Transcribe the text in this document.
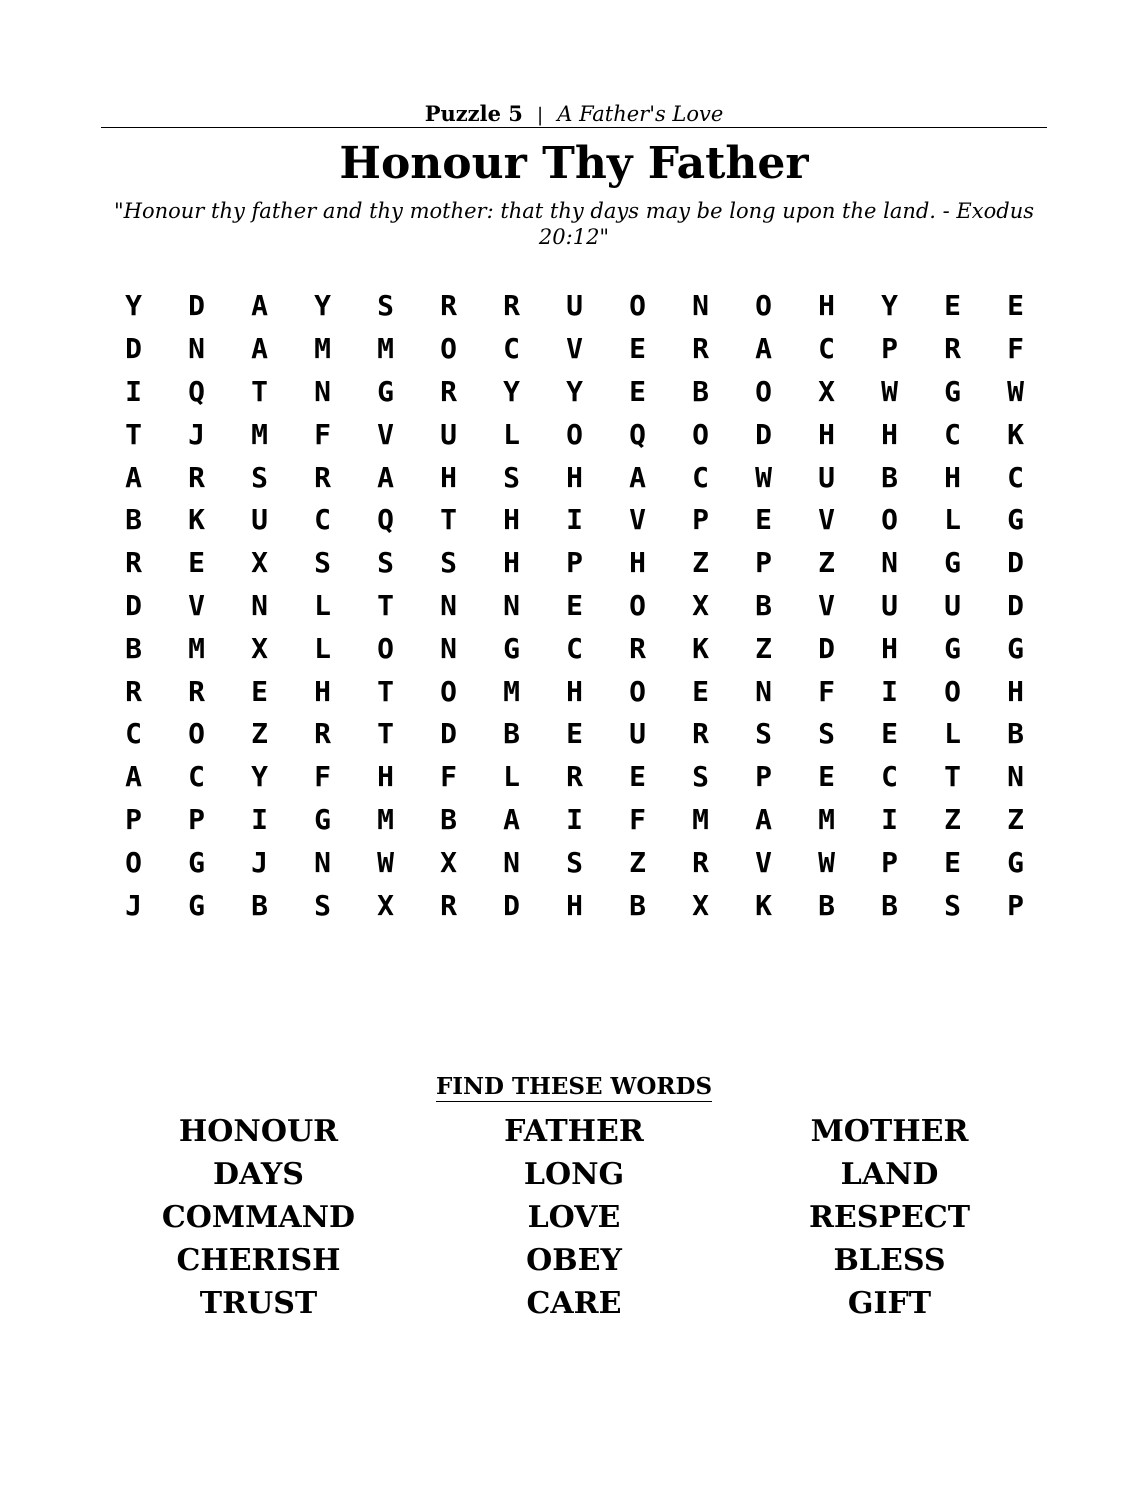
Puzzle 5 | A Father's Love
Honour Thy Father
"Honour thy father and thy mother: that thy days may be long upon the land. - Exodus 20:12"
Y	D	A	Y	S	R	R	U	O	N	O	H	Y	E	E
D	N	A	M	M	O	C	V	E	R	A	C	P	R	F
I	Q	T	N	G	R	Y	Y	E	B	O	X	W	G	W
T	J	M	F	V	U	L	O	Q	O	D	H	H	C	K
A	R	S	R	A	H	S	H	A	C	W	U	B	H	C
B	K	U	C	Q	T	H	I	V	P	E	V	O	L	G
R	E	X	S	S	S	H	P	H	Z	P	Z	N	G	D
D	V	N	L	T	N	N	E	O	X	B	V	U	U	D
B	M	X	L	O	N	G	C	R	K	Z	D	H	G	G
R	R	E	H	T	O	M	H	O	E	N	F	I	O	H
C	O	Z	R	T	D	B	E	U	R	S	S	E	L	B
A	C	Y	F	H	F	L	R	E	S	P	E	C	T	N
P	P	I	G	M	B	A	I	F	M	A	M	I	Z	Z
O	G	J	N	W	X	N	S	Z	R	V	W	P	E	G
J	G	B	S	X	R	D	H	B	X	K	B	B	S	P
FIND THESE WORDS
HONOUR	FATHER	MOTHER
DAYS	LONG	LAND
COMMAND	LOVE	RESPECT
CHERISH	OBEY	BLESS
TRUST	CARE	GIFT
